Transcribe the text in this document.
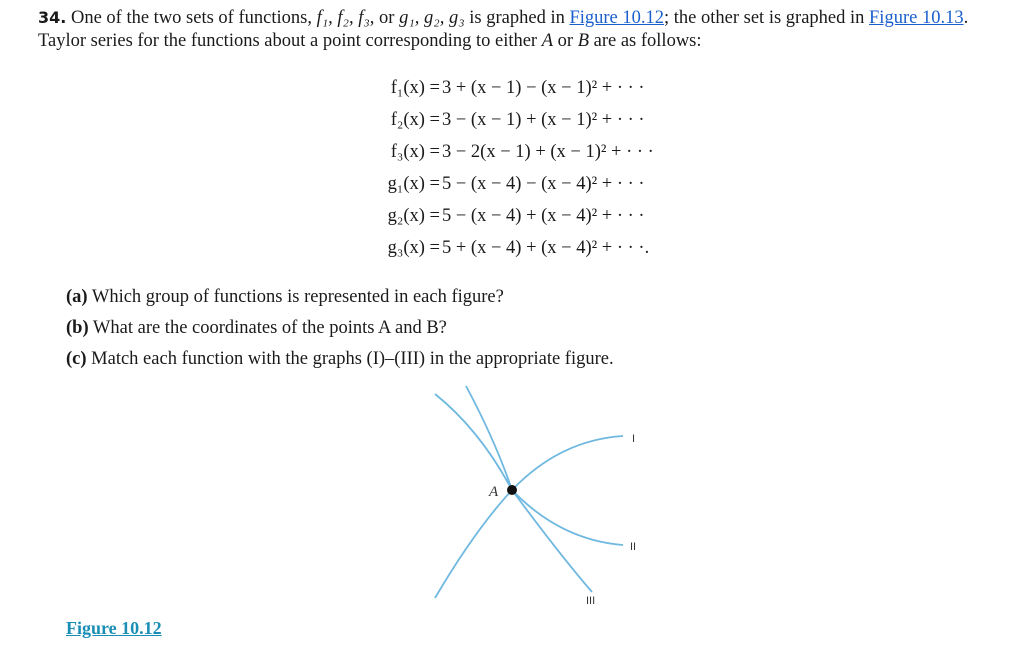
34. One of the two sets of functions, f₁, f₂, f₃, or g₁, g₂, g₃ is graphed in Figure 10.12; the other set is graphed in Figure 10.13. Taylor series for the functions about a point corresponding to either A or B are as follows:
f₁(x) = 3 + (x − 1) − (x − 1)² + · · ·
f₂(x) = 3 − (x − 1) + (x − 1)² + · · ·
f₃(x) = 3 − 2(x − 1) + (x − 1)² + · · ·
g₁(x) = 5 − (x − 4) − (x − 4)² + · · ·
g₂(x) = 5 − (x − 4) + (x − 4)² + · · ·
g₃(x) = 5 + (x − 4) + (x − 4)² + · · ·.
(a) Which group of functions is represented in each figure?
(b) What are the coordinates of the points A and B?
(c) Match each function with the graphs (I)–(III) in the appropriate figure.
A
I
II
III
Figure 10.12
